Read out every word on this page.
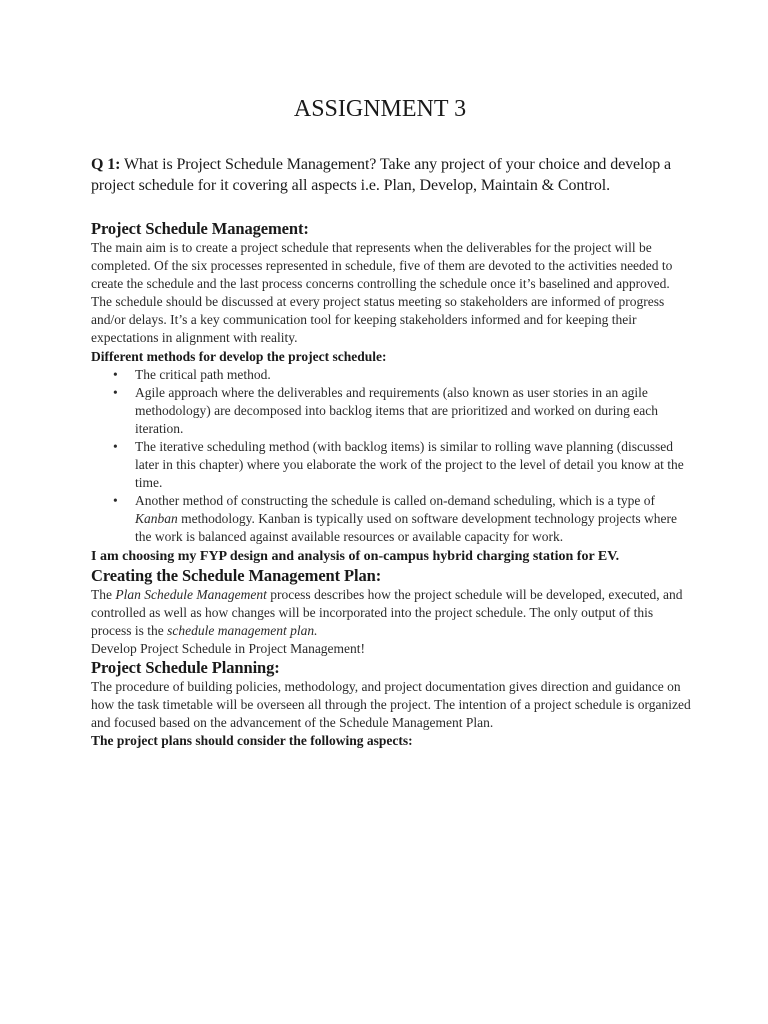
ASSIGNMENT 3
Q 1: What is Project Schedule Management? Take any project of your choice and develop a project schedule for it covering all aspects i.e. Plan, Develop, Maintain & Control.

Project Schedule Management:

The main aim is to create a project schedule that represents when the deliverables for the project will be completed. Of the six processes represented in schedule, five of them are devoted to the activities needed to create the schedule and the last process concerns controlling the schedule once it’s baselined and approved. The schedule should be discussed at every project status meeting so stakeholders are informed of progress and/or delays. It’s a key communication tool for keeping stakeholders informed and for keeping their expectations in alignment with reality.

Different methods for develop the project schedule:

• The critical path method.
• Agile approach where the deliverables and requirements (also known as user stories in an agile methodology) are decomposed into backlog items that are prioritized and worked on during each iteration.
• The iterative scheduling method (with backlog items) is similar to rolling wave planning (discussed later in this chapter) where you elaborate the work of the project to the level of detail you know at the time.
• Another method of constructing the schedule is called on-demand scheduling, which is a type of Kanban methodology. Kanban is typically used on software development technology projects where the work is balanced against available resources or available capacity for work.

I am choosing my FYP design and analysis of on-campus hybrid charging station for EV.

Creating the Schedule Management Plan:

The Plan Schedule Management process describes how the project schedule will be developed, executed, and controlled as well as how changes will be incorporated into the project schedule. The only output of this process is the schedule management plan.

Develop Project Schedule in Project Management!

Project Schedule Planning:

The procedure of building policies, methodology, and project documentation gives direction and guidance on how the task timetable will be overseen all through the project. The intention of a project schedule is organized and focused based on the advancement of the Schedule Management Plan.

The project plans should consider the following aspects:
